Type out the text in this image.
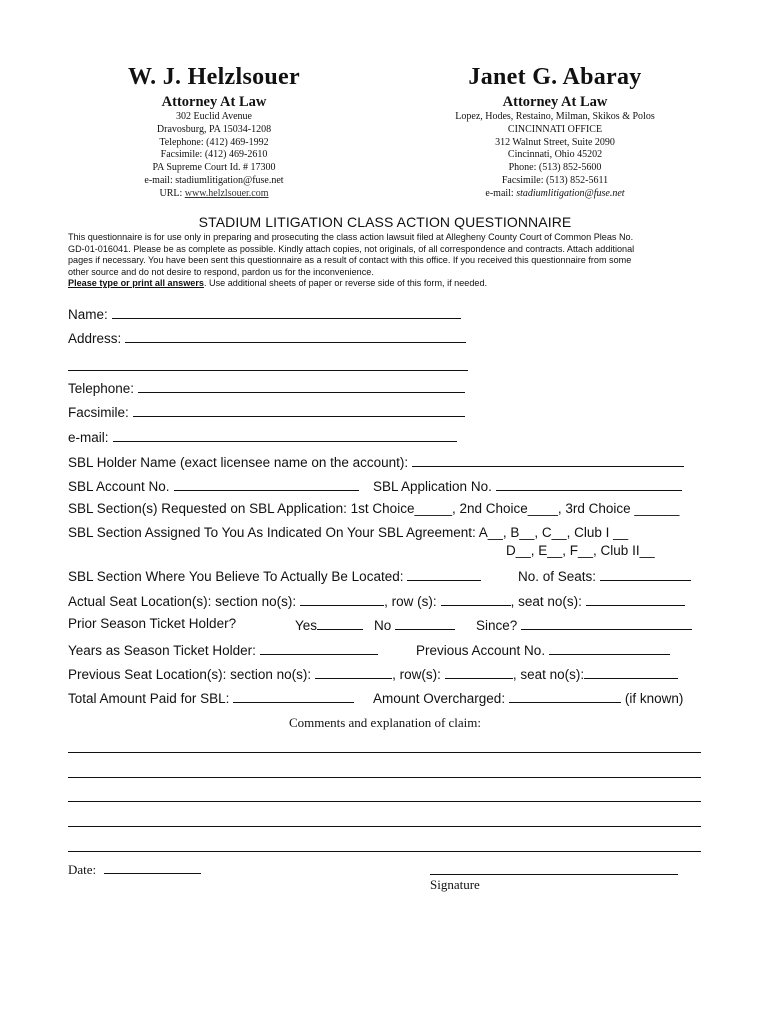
W. J. Helzlsouer
Attorney At Law
302 Euclid Avenue
Dravosburg, PA 15034-1208
Telephone: (412) 469-1992
Facsimile: (412) 469-2610
PA Supreme Court Id. # 17300
e-mail: stadiumlitigation@fuse.net
URL: www.helzlsouer.com
Janet G. Abaray
Attorney At Law
Lopez, Hodes, Restaino, Milman, Skikos & Polos
CINCINNATI OFFICE
312 Walnut Street, Suite 2090
Cincinnati, Ohio 45202
Phone: (513) 852-5600
Facsimile: (513) 852-5611
e-mail: stadiumlitigation@fuse.net
STADIUM LITIGATION CLASS ACTION QUESTIONNAIRE
This questionnaire is for use only in preparing and prosecuting the class action lawsuit filed at Allegheny County Court of Common Pleas No.
GD-01-016041. Please be as complete as possible. Kindly attach copies, not originals, of all correspondence and contracts. Attach additional
pages if necessary. You have been sent this questionnaire as a result of contact with this office. If you received this questionnaire from some
other source and do not desire to respond, pardon us for the inconvenience.
Please type or print all answers. Use additional sheets of paper or reverse side of this form, if needed.
Name:
Address:
Telephone:
Facsimile:
e-mail:
SBL Holder Name (exact licensee name on the account):
SBL Account No.	SBL Application No.
SBL Section(s) Requested on SBL Application: 1st Choice_____, 2nd Choice____, 3rd Choice ______
SBL Section Assigned To You As Indicated On Your SBL Agreement: A__, B__, C__, Club I __
D__, E__, F__, Club II__
SBL Section Where You Believe To Actually Be Located:	No. of Seats:
Actual Seat Location(s): section no(s):	, row (s):	, seat no(s):
Prior Season Ticket Holder?	Yes	No	Since?
Years as Season Ticket Holder:	Previous Account No.
Previous Seat Location(s): section no(s):	, row(s):	, seat no(s):
Total Amount Paid for SBL:	Amount Overcharged:	(if known)
Comments and explanation of claim:
Date:
Signature
